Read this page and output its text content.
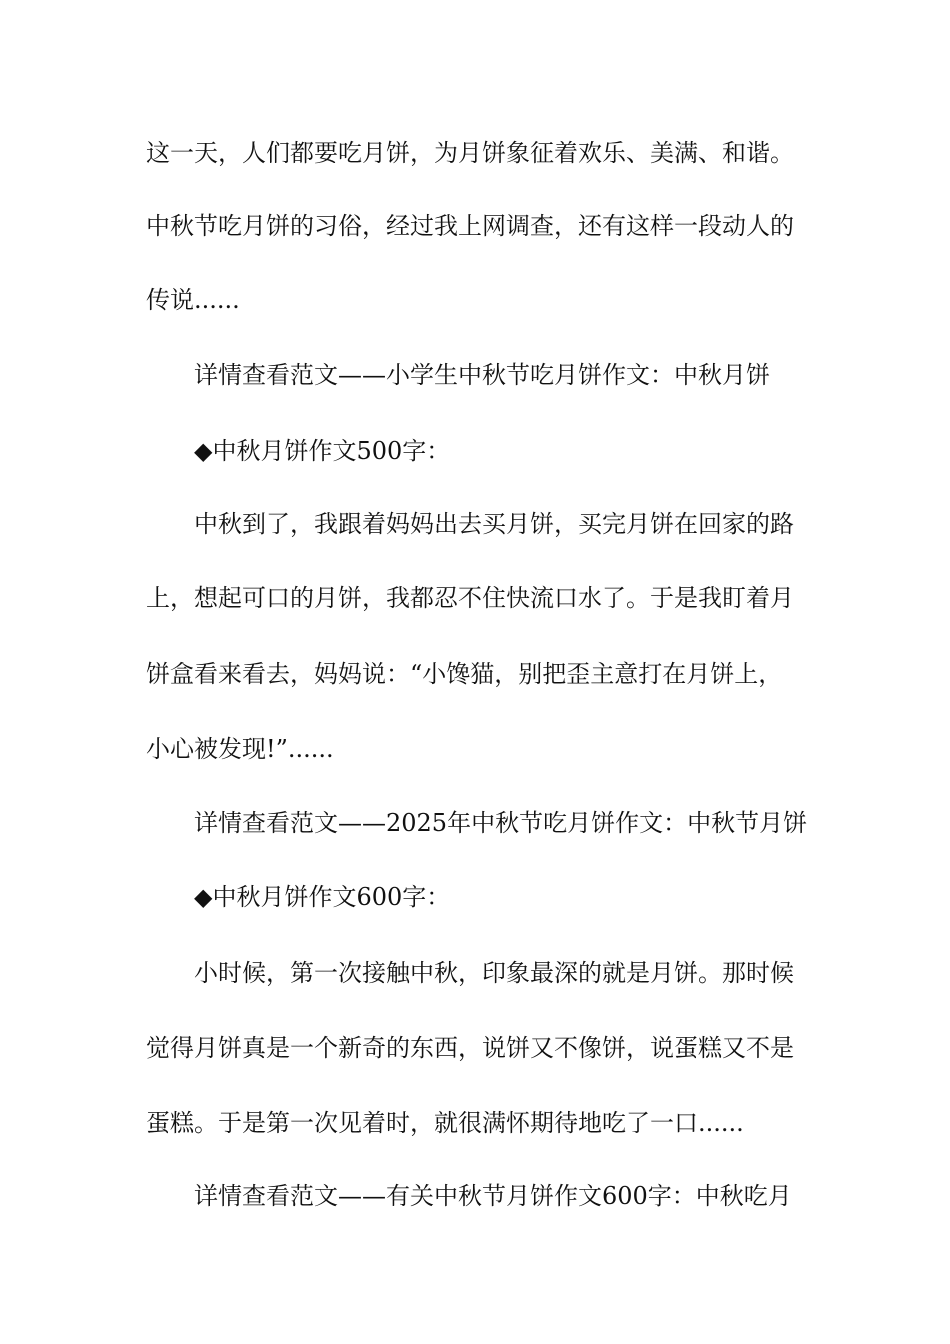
这一天，人们都要吃月饼，为月饼象征着欢乐、美满、和谐。
中秋节吃月饼的习俗，经过我上网调查，还有这样一段动人的
传说......
详情查看范文——小学生中秋节吃月饼作文：中秋月饼
◆中秋月饼作文500字：
中秋到了，我跟着妈妈出去买月饼，买完月饼在回家的路
上，想起可口的月饼，我都忍不住快流口水了。于是我盯着月
饼盒看来看去，妈妈说：“小馋猫，别把歪主意打在月饼上，
小心被发现!”......
详情查看范文——2025年中秋节吃月饼作文：中秋节月饼
◆中秋月饼作文600字：
小时候，第一次接触中秋，印象最深的就是月饼。那时候
觉得月饼真是一个新奇的东西，说饼又不像饼，说蛋糕又不是
蛋糕。于是第一次见着时，就很满怀期待地吃了一口......
详情查看范文——有关中秋节月饼作文600字：中秋吃月
